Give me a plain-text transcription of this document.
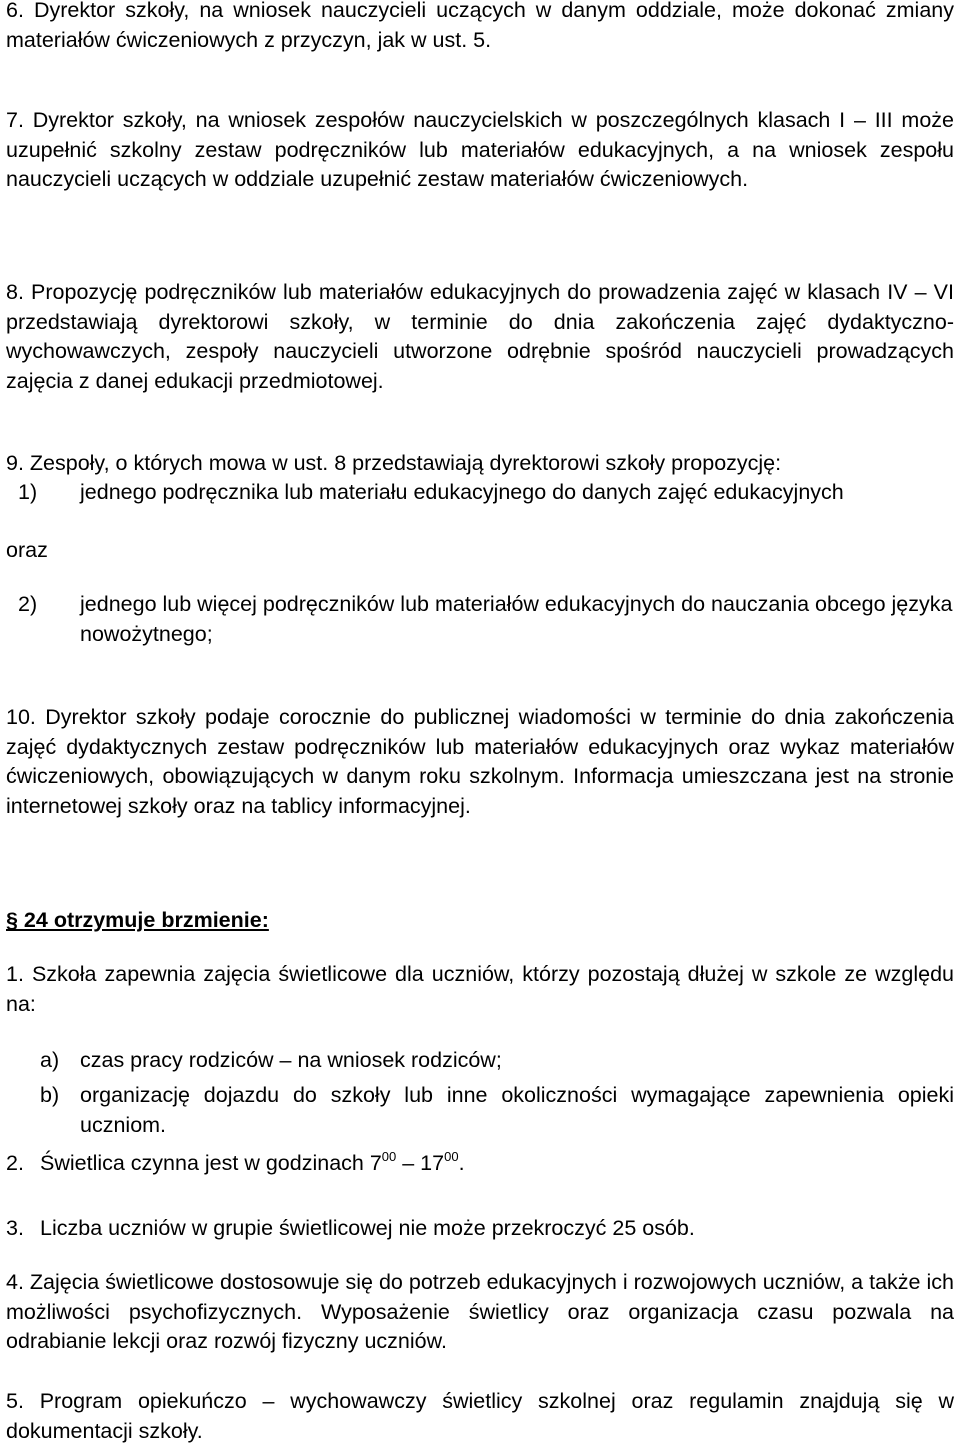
6. Dyrektor szkoły, na wniosek nauczycieli uczących w danym oddziale, może dokonać zmiany materiałów ćwiczeniowych z przyczyn, jak w ust. 5.

7. Dyrektor szkoły, na wniosek zespołów nauczycielskich w poszczególnych klasach I – III może uzupełnić szkolny zestaw podręczników lub materiałów edukacyjnych, a na wniosek zespołu nauczycieli uczących w oddziale uzupełnić zestaw materiałów ćwiczeniowych.

8. Propozycję podręczników lub materiałów edukacyjnych do prowadzenia zajęć w klasach IV – VI przedstawiają dyrektorowi szkoły, w terminie do dnia zakończenia zajęć dydaktyczno-wychowawczych, zespoły nauczycieli utworzone odrębnie spośród nauczycieli prowadzących zajęcia z danej edukacji przedmiotowej.

9. Zespoły, o których mowa w ust. 8 przedstawiają dyrektorowi szkoły propozycję:

1) jednego podręcznika lub materiału edukacyjnego do danych zajęć edukacyjnych

oraz

2) jednego lub więcej podręczników lub materiałów edukacyjnych do nauczania obcego języka nowożytnego;

10. Dyrektor szkoły podaje corocznie do publicznej wiadomości w terminie do dnia zakończenia zajęć dydaktycznych zestaw podręczników lub materiałów edukacyjnych oraz wykaz materiałów ćwiczeniowych, obowiązujących w danym roku szkolnym. Informacja umieszczana jest na stronie internetowej szkoły oraz na tablicy informacyjnej.

§ 24 otrzymuje brzmienie:

1. Szkoła zapewnia zajęcia świetlicowe dla uczniów, którzy pozostają dłużej w szkole ze względu na:

a) czas pracy rodziców – na wniosek rodziców;

b) organizację dojazdu do szkoły lub inne okoliczności wymagające zapewnienia opieki uczniom.

2. Świetlica czynna jest w godzinach $7^{00} - 17^{00}$.

3. Liczba uczniów w grupie świetlicowej nie może przekroczyć 25 osób.

4. Zajęcia świetlicowe dostosowuje się do potrzeb edukacyjnych i rozwojowych uczniów, a także ich możliwości psychofizycznych. Wyposażenie świetlicy oraz organizacja czasu pozwala na odrabianie lekcji oraz rozwój fizyczny uczniów.

5. Program opiekuńczo – wychowawczy świetlicy szkolnej oraz regulamin znajdują się w dokumentacji szkoły.
